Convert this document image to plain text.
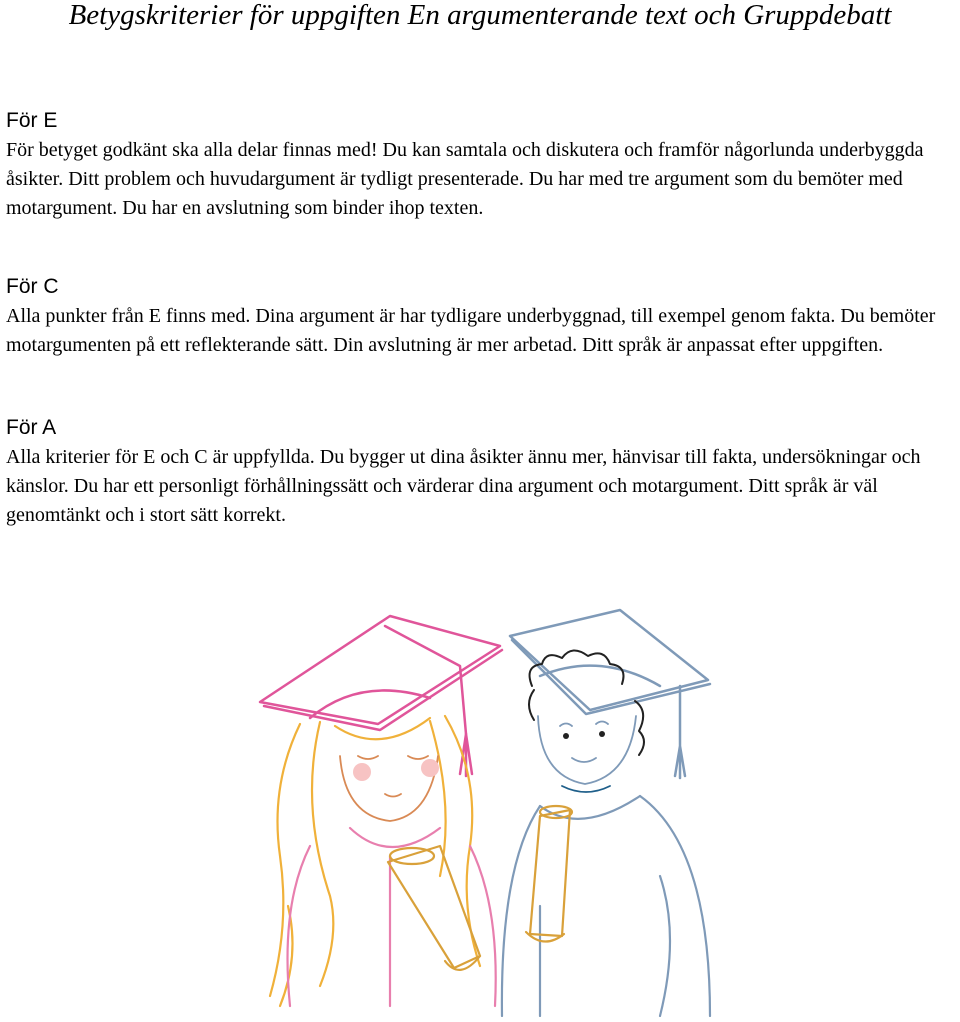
Betygskriterier för uppgiften En argumenterande text och Gruppdebatt

För E

För betyget godkänt ska alla delar finnas med! Du kan samtala och diskutera och framför någorlunda underbyggda åsikter. Ditt problem och huvudargument är tydligt presenterade. Du har med tre argument som du bemöter med motargument. Du har en avslutning som binder ihop texten.

För C

Alla punkter från E finns med. Dina argument är har tydligare underbyggnad, till exempel genom fakta. Du bemöter motargumenten på ett reflekterande sätt. Din avslutning är mer arbetad. Ditt språk är anpassat efter uppgiften.

För A

Alla kriterier för E och C är uppfyllda. Du bygger ut dina åsikter ännu mer, hänvisar till fakta, undersökningar och känslor. Du har ett personligt förhållningssätt och värderar dina argument och motargument. Ditt språk är väl genomtänkt och i stort sätt korrekt.
